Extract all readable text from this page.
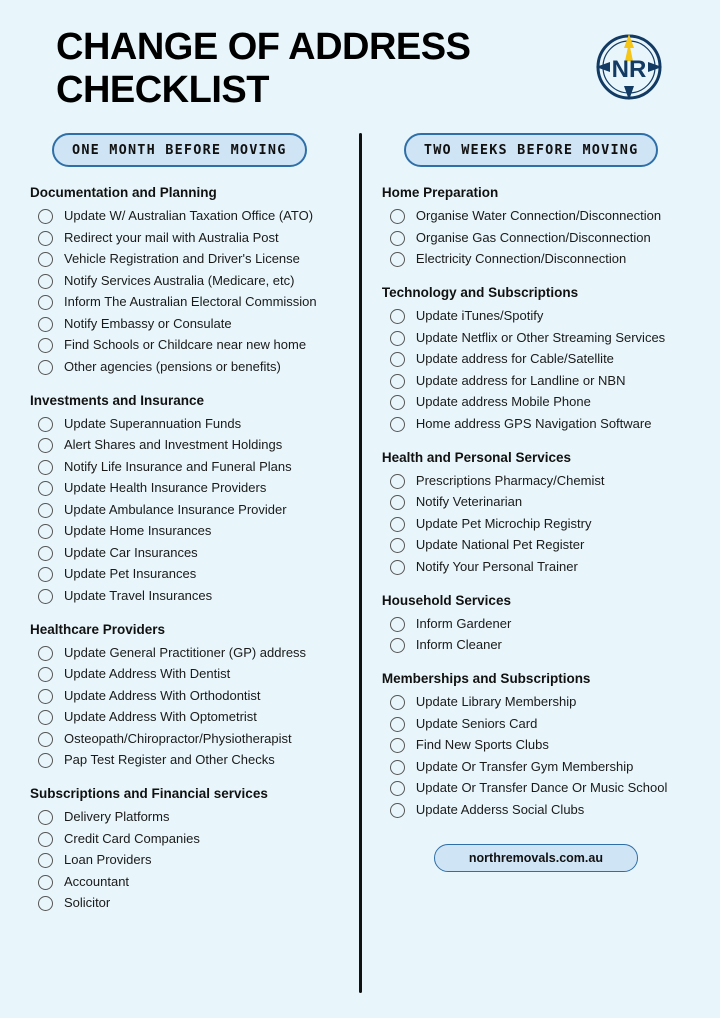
CHANGE OF ADDRESS CHECKLIST	NR
ONE MONTH BEFORE MOVING
Documentation and Planning
Update W/ Australian Taxation Office (ATO)
Redirect your mail with Australia Post
Vehicle Registration and Driver's License
Notify Services Australia (Medicare, etc)
Inform The Australian Electoral Commission
Notify Embassy or Consulate
Find Schools or Childcare near new home
Other agencies (pensions or benefits)
Investments and Insurance
Update Superannuation Funds
Alert Shares and Investment Holdings
Notify Life Insurance and Funeral Plans
Update Health Insurance Providers
Update Ambulance Insurance Provider
Update Home Insurances
Update Car Insurances
Update Pet Insurances
Update Travel Insurances
Healthcare Providers
Update General Practitioner (GP) address
Update Address With Dentist
Update Address With Orthodontist
Update Address With Optometrist
Osteopath/Chiropractor/Physiotherapist
Pap Test Register and Other Checks
Subscriptions and Financial services
Delivery Platforms
Credit Card Companies
Loan Providers
Accountant
Solicitor
TWO WEEKS BEFORE MOVING
Home Preparation
Organise Water Connection/Disconnection
Organise Gas Connection/Disconnection
Electricity Connection/Disconnection
Technology and Subscriptions
Update iTunes/Spotify
Update Netflix or Other Streaming Services
Update address for Cable/Satellite
Update address for Landline or NBN
Update address Mobile Phone
Home address GPS Navigation Software
Health and Personal Services
Prescriptions Pharmacy/Chemist
Notify Veterinarian
Update Pet Microchip Registry
Update National Pet Register
Notify Your Personal Trainer
Household Services
Inform Gardener
Inform Cleaner
Memberships and Subscriptions
Update Library Membership
Update Seniors Card
Find New Sports Clubs
Update Or Transfer Gym Membership
Update Or Transfer Dance Or Music School
Update Adderss Social Clubs
northremovals.com.au
